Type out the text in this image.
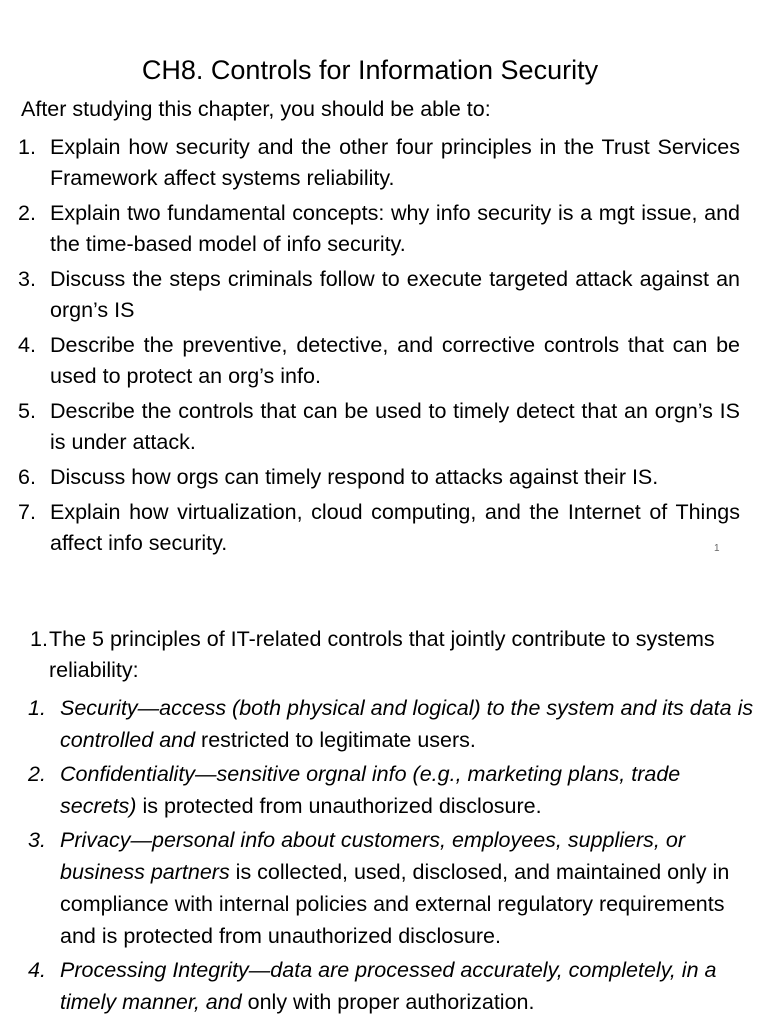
CH8. Controls for Information Security
After studying this chapter, you should be able to:
1. Explain how security and the other four principles in the Trust Services Framework affect systems reliability.
2. Explain two fundamental concepts: why info security is a mgt issue, and the time-based model of info security.
3. Discuss the steps criminals follow to execute targeted attack against an orgn’s IS
4. Describe the preventive, detective, and corrective controls that can be used to protect an org’s info.
5. Describe the controls that can be used to timely detect that an orgn’s IS is under attack.
6. Discuss how orgs can timely respond to attacks against their IS.
7. Explain how virtualization, cloud computing, and the Internet of Things affect info security.	1
1. The 5 principles of IT-related controls that jointly contribute to systems reliability:
1. Security—access (both physical and logical) to the system and its data is controlled and restricted to legitimate users.
2. Confidentiality—sensitive orgnal info (e.g., marketing plans, trade secrets) is protected from unauthorized disclosure.
3. Privacy—personal info about customers, employees, suppliers, or business partners is collected, used, disclosed, and maintained only in compliance with internal policies and external regulatory requirements and is protected from unauthorized disclosure.
4. Processing Integrity—data are processed accurately, completely, in a timely manner, and only with proper authorization.
